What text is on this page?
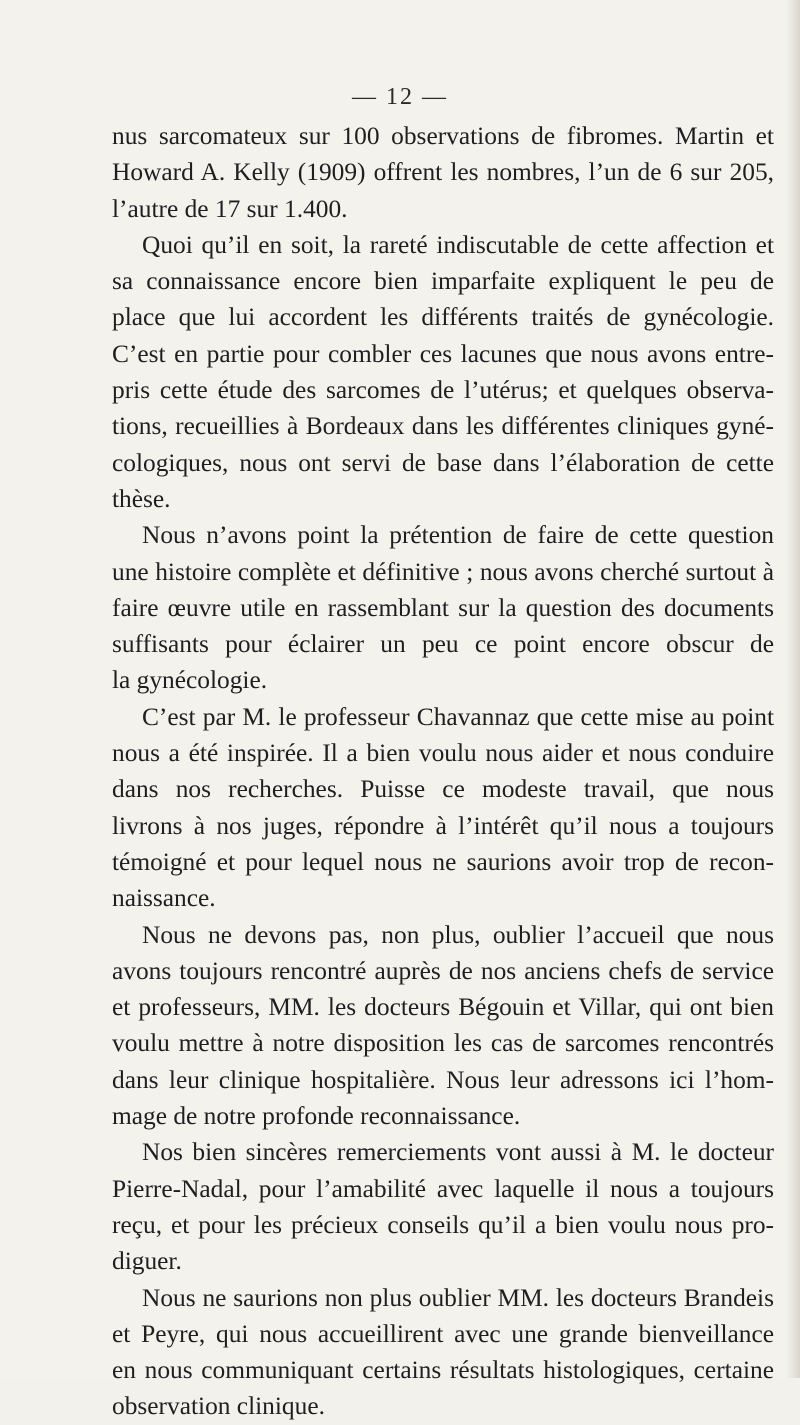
— 12 —
nus sarcomateux sur 100 observations de fibromes. Martin et
Howard A. Kelly (1909) offrent les nombres, l’un de 6 sur 205,
l’autre de 17 sur 1.400.
Quoi qu’il en soit, la rareté indiscutable de cette affection et
sa connaissance encore bien imparfaite expliquent le peu de
place que lui accordent les différents traités de gynécologie.
C’est en partie pour combler ces lacunes que nous avons entre-
pris cette étude des sarcomes de l’utérus; et quelques observa-
tions, recueillies à Bordeaux dans les différentes cliniques gyné-
cologiques, nous ont servi de base dans l’élaboration de cette
thèse.
Nous n’avons point la prétention de faire de cette question
une histoire complète et définitive ; nous avons cherché surtout à
faire œuvre utile en rassemblant sur la question des documents
suffisants pour éclairer un peu ce point encore obscur de
la gynécologie.
C’est par M. le professeur Chavannaz que cette mise au point
nous a été inspirée. Il a bien voulu nous aider et nous conduire
dans nos recherches. Puisse ce modeste travail, que nous
livrons à nos juges, répondre à l’intérêt qu’il nous a toujours
témoigné et pour lequel nous ne saurions avoir trop de recon-
naissance.
Nous ne devons pas, non plus, oublier l’accueil que nous
avons toujours rencontré auprès de nos anciens chefs de service
et professeurs, MM. les docteurs Bégouin et Villar, qui ont bien
voulu mettre à notre disposition les cas de sarcomes rencontrés
dans leur clinique hospitalière. Nous leur adressons ici l’hom-
mage de notre profonde reconnaissance.
Nos bien sincères remerciements vont aussi à M. le docteur
Pierre-Nadal, pour l’amabilité avec laquelle il nous a toujours
reçu, et pour les précieux conseils qu’il a bien voulu nous pro-
diguer.
Nous ne saurions non plus oublier MM. les docteurs Brandeis
et Peyre, qui nous accueillirent avec une grande bienveillance
en nous communiquant certains résultats histologiques, certaine
observation clinique.
